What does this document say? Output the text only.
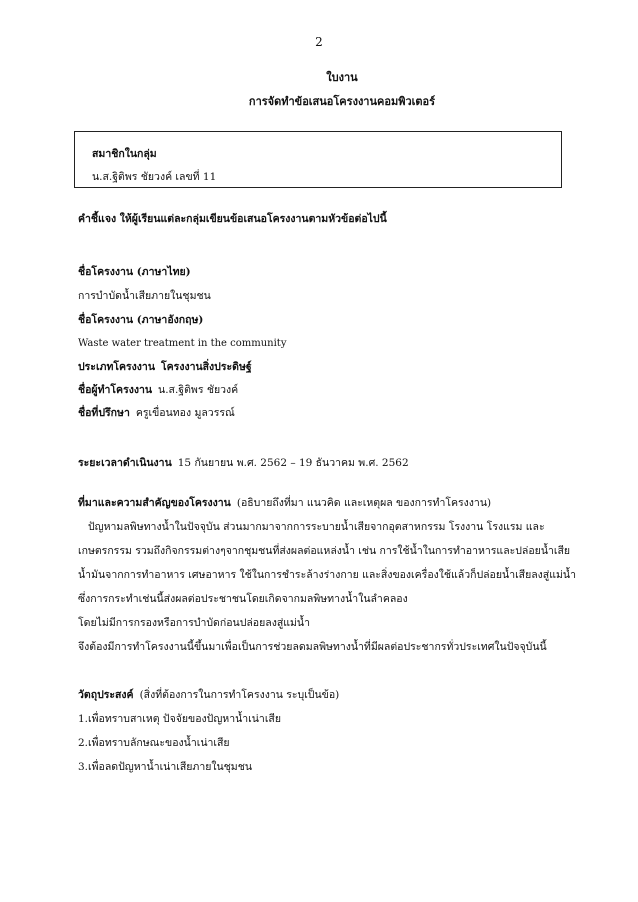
2
ใบงาน
การจัดทำข้อเสนอโครงงานคอมพิวเตอร์
สมาชิกในกลุ่ม
น.ส.ฐิติพร ชัยวงค์ เลขที่ 11
คำชี้แจง ให้ผู้เรียนแต่ละกลุ่มเขียนข้อเสนอโครงงานตามหัวข้อต่อไปนี้
ชื่อโครงงาน (ภาษาไทย)
การบำบัดน้ำเสียภายในชุมชน
ชื่อโครงงาน (ภาษาอังกฤษ)
Waste water treatment in the community
ประเภทโครงงาน โครงงานสิ่งประดิษฐ์
ชื่อผู้ทำโครงงาน น.ส.ฐิติพร ชัยวงค์
ชื่อที่ปรึกษา ครูเขื่อนทอง มูลวรรณ์
ระยะเวลาดำเนินงาน 15 กันยายน พ.ศ. 2562 – 19 ธันวาคม พ.ศ. 2562
ที่มาและความสำคัญของโครงงาน (อธิบายถึงที่มา แนวคิด และเหตุผล ของการทำโครงงาน)
ปัญหามลพิษทางน้ำในปัจจุบัน ส่วนมากมาจากการระบายน้ำเสียจากอุตสาหกรรม โรงงาน โรงแรม และ
เกษตรกรรม รวมถึงกิจกรรมต่างๆจากชุมชนที่ส่งผลต่อแหล่งน้ำ เช่น การใช้น้ำในการทำอาหารและปล่อยน้ำเสีย
น้ำมันจากการทำอาหาร เศษอาหาร ใช้ในการชำระล้างร่างกาย และสิ่งของเครื่องใช้แล้วก็ปล่อยน้ำเสียลงสู่แม่น้ำ
ซึ่งการกระทำเช่นนี้ส่งผลต่อประชาชนโดยเกิดจากมลพิษทางน้ำในลำคลอง
โดยไม่มีการกรองหรือการบำบัดก่อนปล่อยลงสู่แม่น้ำ
จึงต้องมีการทำโครงงานนี้ขึ้นมาเพื่อเป็นการช่วยลดมลพิษทางน้ำที่มีผลต่อประชากรทั่วประเทศในปัจจุบันนี้
วัตถุประสงค์ (สิ่งที่ต้องการในการทำโครงงาน ระบุเป็นข้อ)
1.เพื่อทราบสาเหตุ ปัจจัยของปัญหาน้ำเน่าเสีย
2.เพื่อทราบลักษณะของน้ำเน่าเสีย
3.เพื่อลดปัญหาน้ำเน่าเสียภายในชุมชน
